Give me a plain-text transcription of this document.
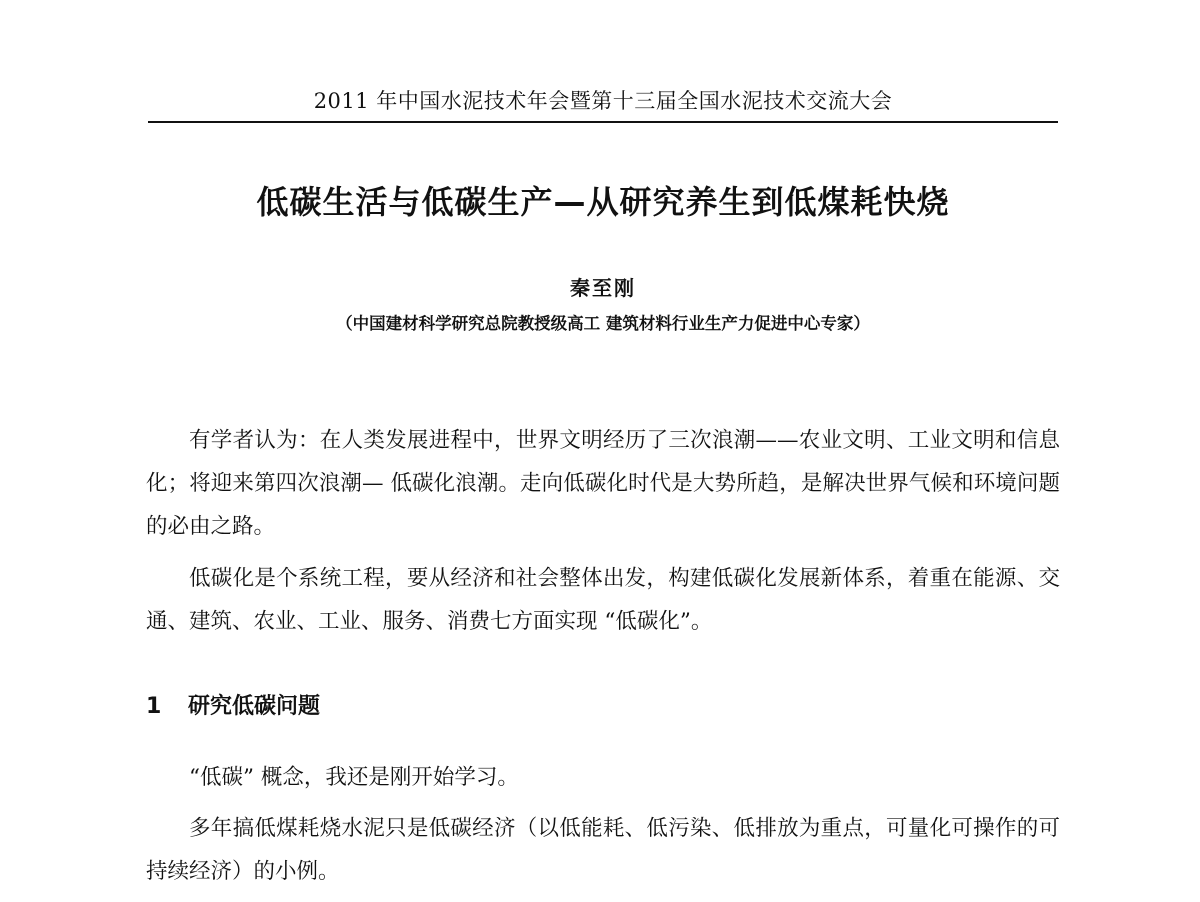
2011 年中国水泥技术年会暨第十三届全国水泥技术交流大会
低碳生活与低碳生产—从研究养生到低煤耗快烧
秦至刚
（中国建材科学研究总院教授级高工 建筑材料行业生产力促进中心专家）

有学者认为：在人类发展进程中，世界文明经历了三次浪潮——农业文明、工业文明和信息化；将迎来第四次浪潮— 低碳化浪潮。走向低碳化时代是大势所趋，是解决世界气候和环境问题的必由之路。

低碳化是个系统工程，要从经济和社会整体出发，构建低碳化发展新体系，着重在能源、交通、建筑、农业、工业、服务、消费七方面实现 “低碳化”。

1 研究低碳问题

“低碳” 概念，我还是刚开始学习。

多年搞低煤耗烧水泥只是低碳经济（以低能耗、低污染、低排放为重点，可量化可操作的可持续经济）的小例。
